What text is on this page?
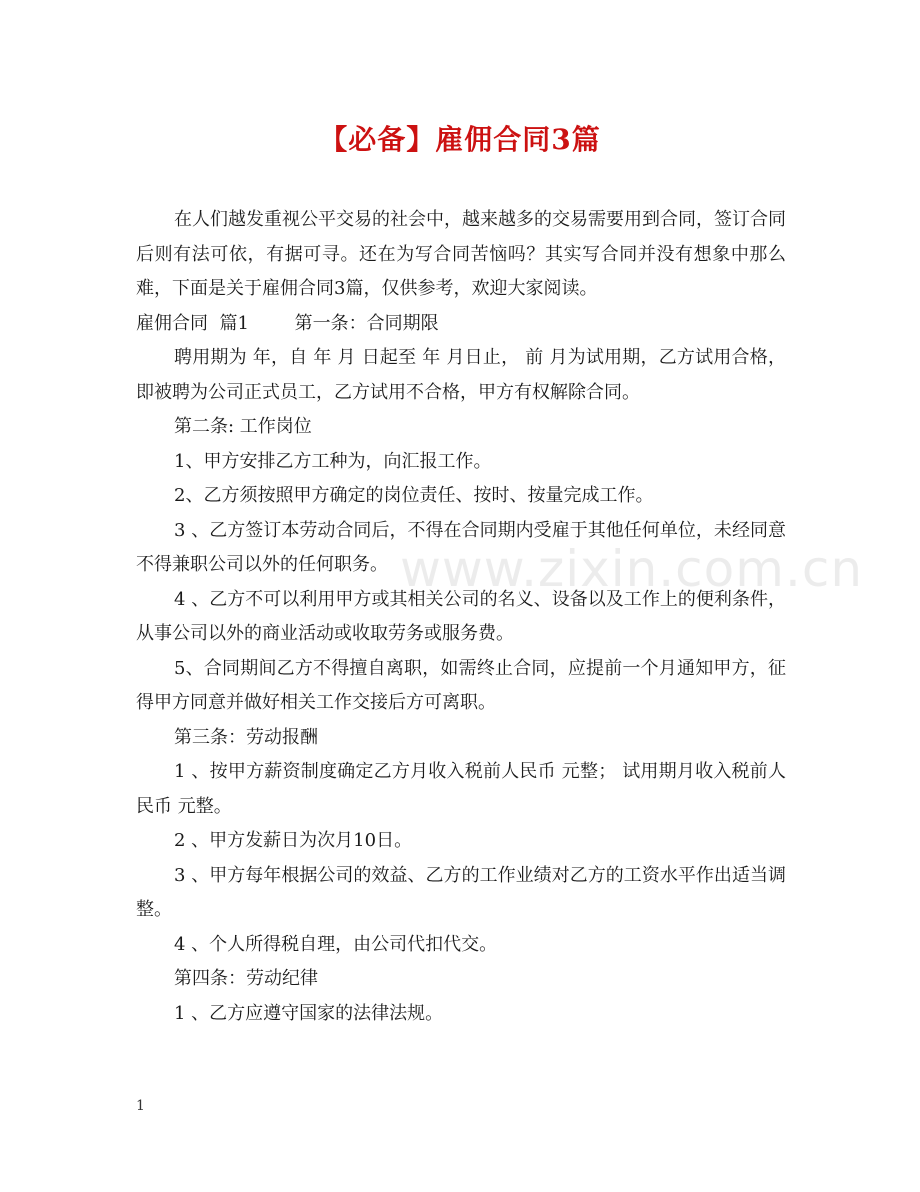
【必备】雇佣合同3篇

在人们越发重视公平交易的社会中，越来越多的交易需要用到合同，签订合同后则有法可依，有据可寻。还在为写合同苦恼吗？其实写合同并没有想象中那么难，下面是关于雇佣合同3篇，仅供参考，欢迎大家阅读。

雇佣合同  篇1        第一条：合同期限

聘用期为 年，自 年 月 日起至 年 月日止， 前 月为试用期，乙方试用合格，即被聘为公司正式员工，乙方试用不合格，甲方有权解除合同。

第二条: 工作岗位

1、甲方安排乙方工种为，向汇报工作。

2、乙方须按照甲方确定的岗位责任、按时、按量完成工作。

3 、乙方签订本劳动合同后，不得在合同期内受雇于其他任何单位，未经同意不得兼职公司以外的任何职务。

4 、乙方不可以利用甲方或其相关公司的名义、设备以及工作上的便利条件，从事公司以外的商业活动或收取劳务或服务费。

5、合同期间乙方不得擅自离职，如需终止合同，应提前一个月通知甲方，征得甲方同意并做好相关工作交接后方可离职。

第三条：劳动报酬

1 、按甲方薪资制度确定乙方月收入税前人民币 元整； 试用期月收入税前人民币 元整。

2 、甲方发薪日为次月10日。

3 、甲方每年根据公司的效益、乙方的工作业绩对乙方的工资水平作出适当调整。

4 、个人所得税自理，由公司代扣代交。

第四条：劳动纪律

1 、乙方应遵守国家的法律法规。

www.zixin.com.cn
1
